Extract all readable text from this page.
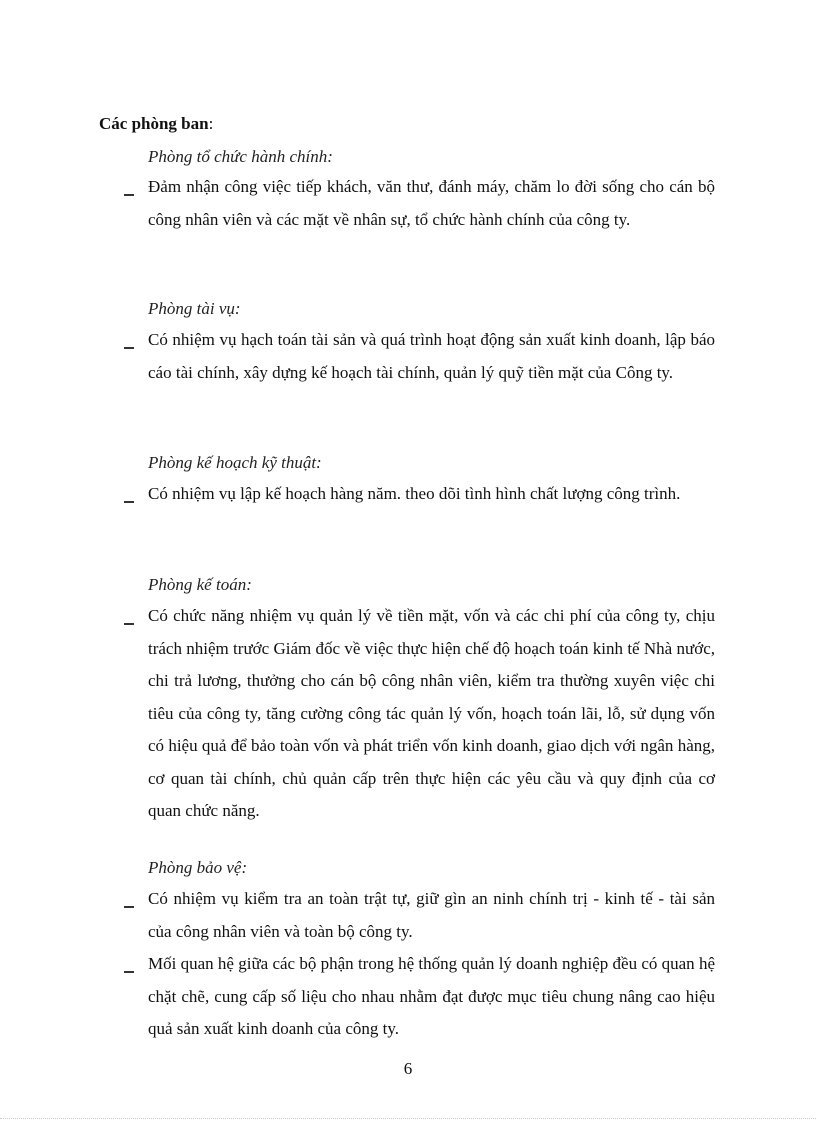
Các phòng ban:
Phòng tổ chức hành chính:

Đảm nhận công việc tiếp khách, văn thư, đánh máy, chăm lo đời sống cho cán bộ công nhân viên và các mặt về nhân sự, tổ chức hành chính của công ty.

Phòng tài vụ:

Có nhiệm vụ hạch toán tài sản và quá trình hoạt động sản xuất kinh doanh, lập báo cáo tài chính, xây dựng kế hoạch tài chính, quản lý quỹ tiền mặt của Công ty.

Phòng kế hoạch kỹ thuật:

Có nhiệm vụ lập kế hoạch hàng năm. theo dõi tình hình chất lượng công trình.

Phòng kế toán:

Có chức năng nhiệm vụ quản lý về tiền mặt, vốn và các chi phí của công ty, chịu trách nhiệm trước Giám đốc về việc thực hiện chế độ hoạch toán kinh tế Nhà nước, chi trả lương, thưởng cho cán bộ công nhân viên, kiểm tra thường xuyên việc chi tiêu của công ty, tăng cường công tác quản lý vốn, hoạch toán lãi, lỗ, sử dụng vốn có hiệu quả để bảo toàn vốn và phát triển vốn kinh doanh, giao dịch với ngân hàng, cơ quan tài chính, chủ quản cấp trên thực hiện các yêu cầu và quy định của cơ quan chức năng.

Phòng bảo vệ:

Có nhiệm vụ kiểm tra an toàn trật tự, giữ gìn an ninh chính trị - kinh tế - tài sản của công nhân viên và toàn bộ công ty.

Mối quan hệ giữa các bộ phận trong hệ thống quản lý doanh nghiệp đều có quan hệ chặt chẽ, cung cấp số liệu cho nhau nhằm đạt được mục tiêu chung nâng cao hiệu quả sản xuất kinh doanh của công ty.

6
